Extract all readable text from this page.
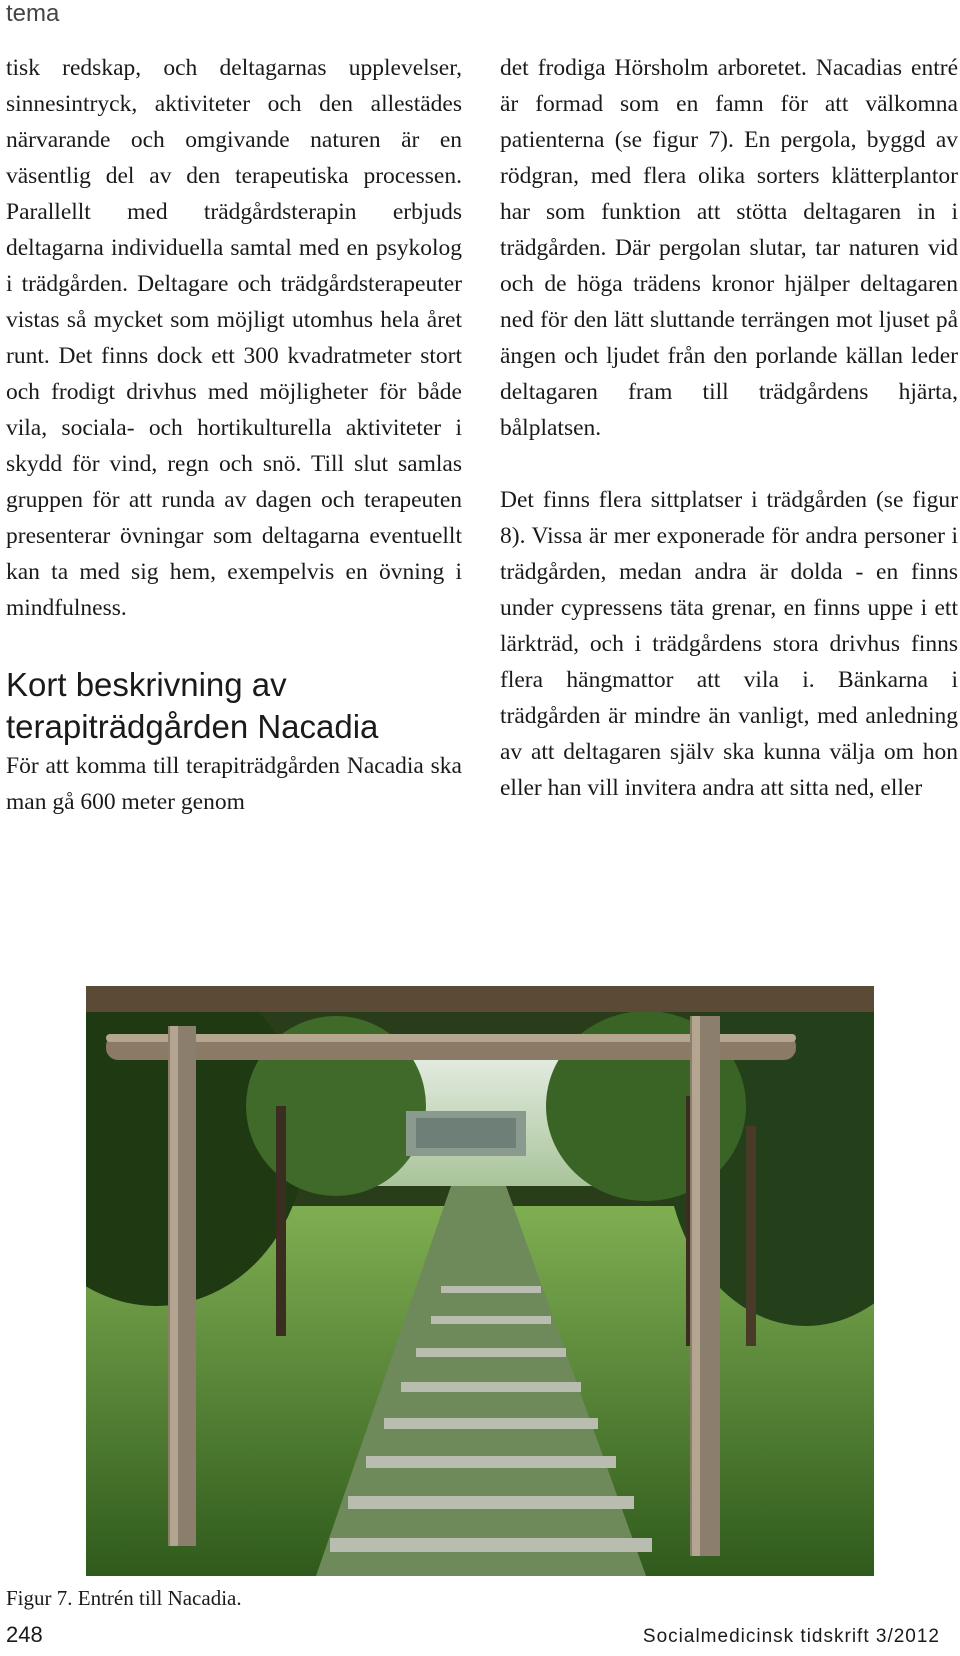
tema

tisk redskap, och deltagarnas upplevelser, sinnesintryck, aktiviteter och den allestädes närvarande och omgivande naturen är en väsentlig del av den terapeutiska processen. Parallellt med trädgårdsterapin erbjuds deltagarna individuella samtal med en psykolog i trädgården. Deltagare och trädgårdsterapeuter vistas så mycket som möjligt utomhus hela året runt. Det finns dock ett 300 kvadratmeter stort och frodigt drivhus med möjligheter för både vila, sociala- och hortikulturella aktiviteter i skydd för vind, regn och snö. Till slut samlas gruppen för att runda av dagen och terapeuten presenterar övningar som deltagarna eventuellt kan ta med sig hem, exempelvis en övning i mindfulness.

Kort beskrivning av terapiträdgården Nacadia

För att komma till terapiträdgården Nacadia ska man gå 600 meter genom

det frodiga Hörsholm arboretet. Nacadias entré är formad som en famn för att välkomna patienterna (se figur 7). En pergola, byggd av rödgran, med flera olika sorters klätterplantor har som funktion att stötta deltagaren in i trädgården. Där pergolan slutar, tar naturen vid och de höga trädens kronor hjälper deltagaren ned för den lätt sluttande terrängen mot ljuset på ängen och ljudet från den porlande källan leder deltagaren fram till trädgårdens hjärta, bålplatsen.

Det finns flera sittplatser i trädgården (se figur 8). Vissa är mer exponerade för andra personer i trädgården, medan andra är dolda - en finns under cypressens täta grenar, en finns uppe i ett lärkträd, och i trädgårdens stora drivhus finns flera hängmattor att vila i. Bänkarna i trädgården är mindre än vanligt, med anledning av att deltagaren själv ska kunna välja om hon eller han vill invitera andra att sitta ned, eller

Figur 7. Entrén till Nacadia.
248	Socialmedicinsk tidskrift 3/2012
